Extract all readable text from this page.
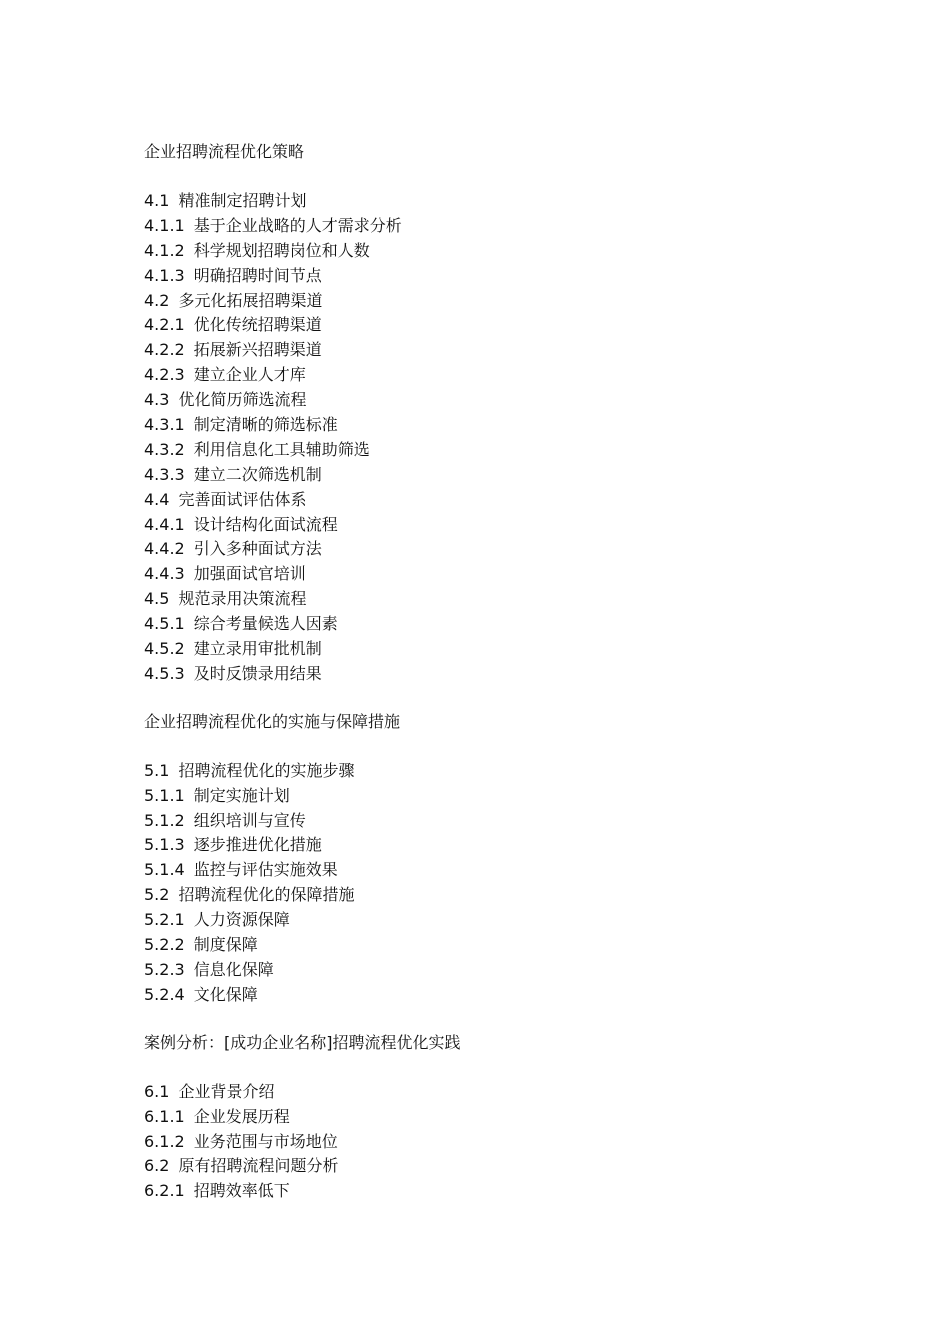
企业招聘流程优化策略
4.1 精准制定招聘计划
4.1.1 基于企业战略的人才需求分析
4.1.2 科学规划招聘岗位和人数
4.1.3 明确招聘时间节点
4.2 多元化拓展招聘渠道
4.2.1 优化传统招聘渠道
4.2.2 拓展新兴招聘渠道
4.2.3 建立企业人才库
4.3 优化简历筛选流程
4.3.1 制定清晰的筛选标准
4.3.2 利用信息化工具辅助筛选
4.3.3 建立二次筛选机制
4.4 完善面试评估体系
4.4.1 设计结构化面试流程
4.4.2 引入多种面试方法
4.4.3 加强面试官培训
4.5 规范录用决策流程
4.5.1 综合考量候选人因素
4.5.2 建立录用审批机制
4.5.3 及时反馈录用结果
企业招聘流程优化的实施与保障措施
5.1 招聘流程优化的实施步骤
5.1.1 制定实施计划
5.1.2 组织培训与宣传
5.1.3 逐步推进优化措施
5.1.4 监控与评估实施效果
5.2 招聘流程优化的保障措施
5.2.1 人力资源保障
5.2.2 制度保障
5.2.3 信息化保障
5.2.4 文化保障
案例分析：[成功企业名称]招聘流程优化实践
6.1 企业背景介绍
6.1.1 企业发展历程
6.1.2 业务范围与市场地位
6.2 原有招聘流程问题分析
6.2.1 招聘效率低下
